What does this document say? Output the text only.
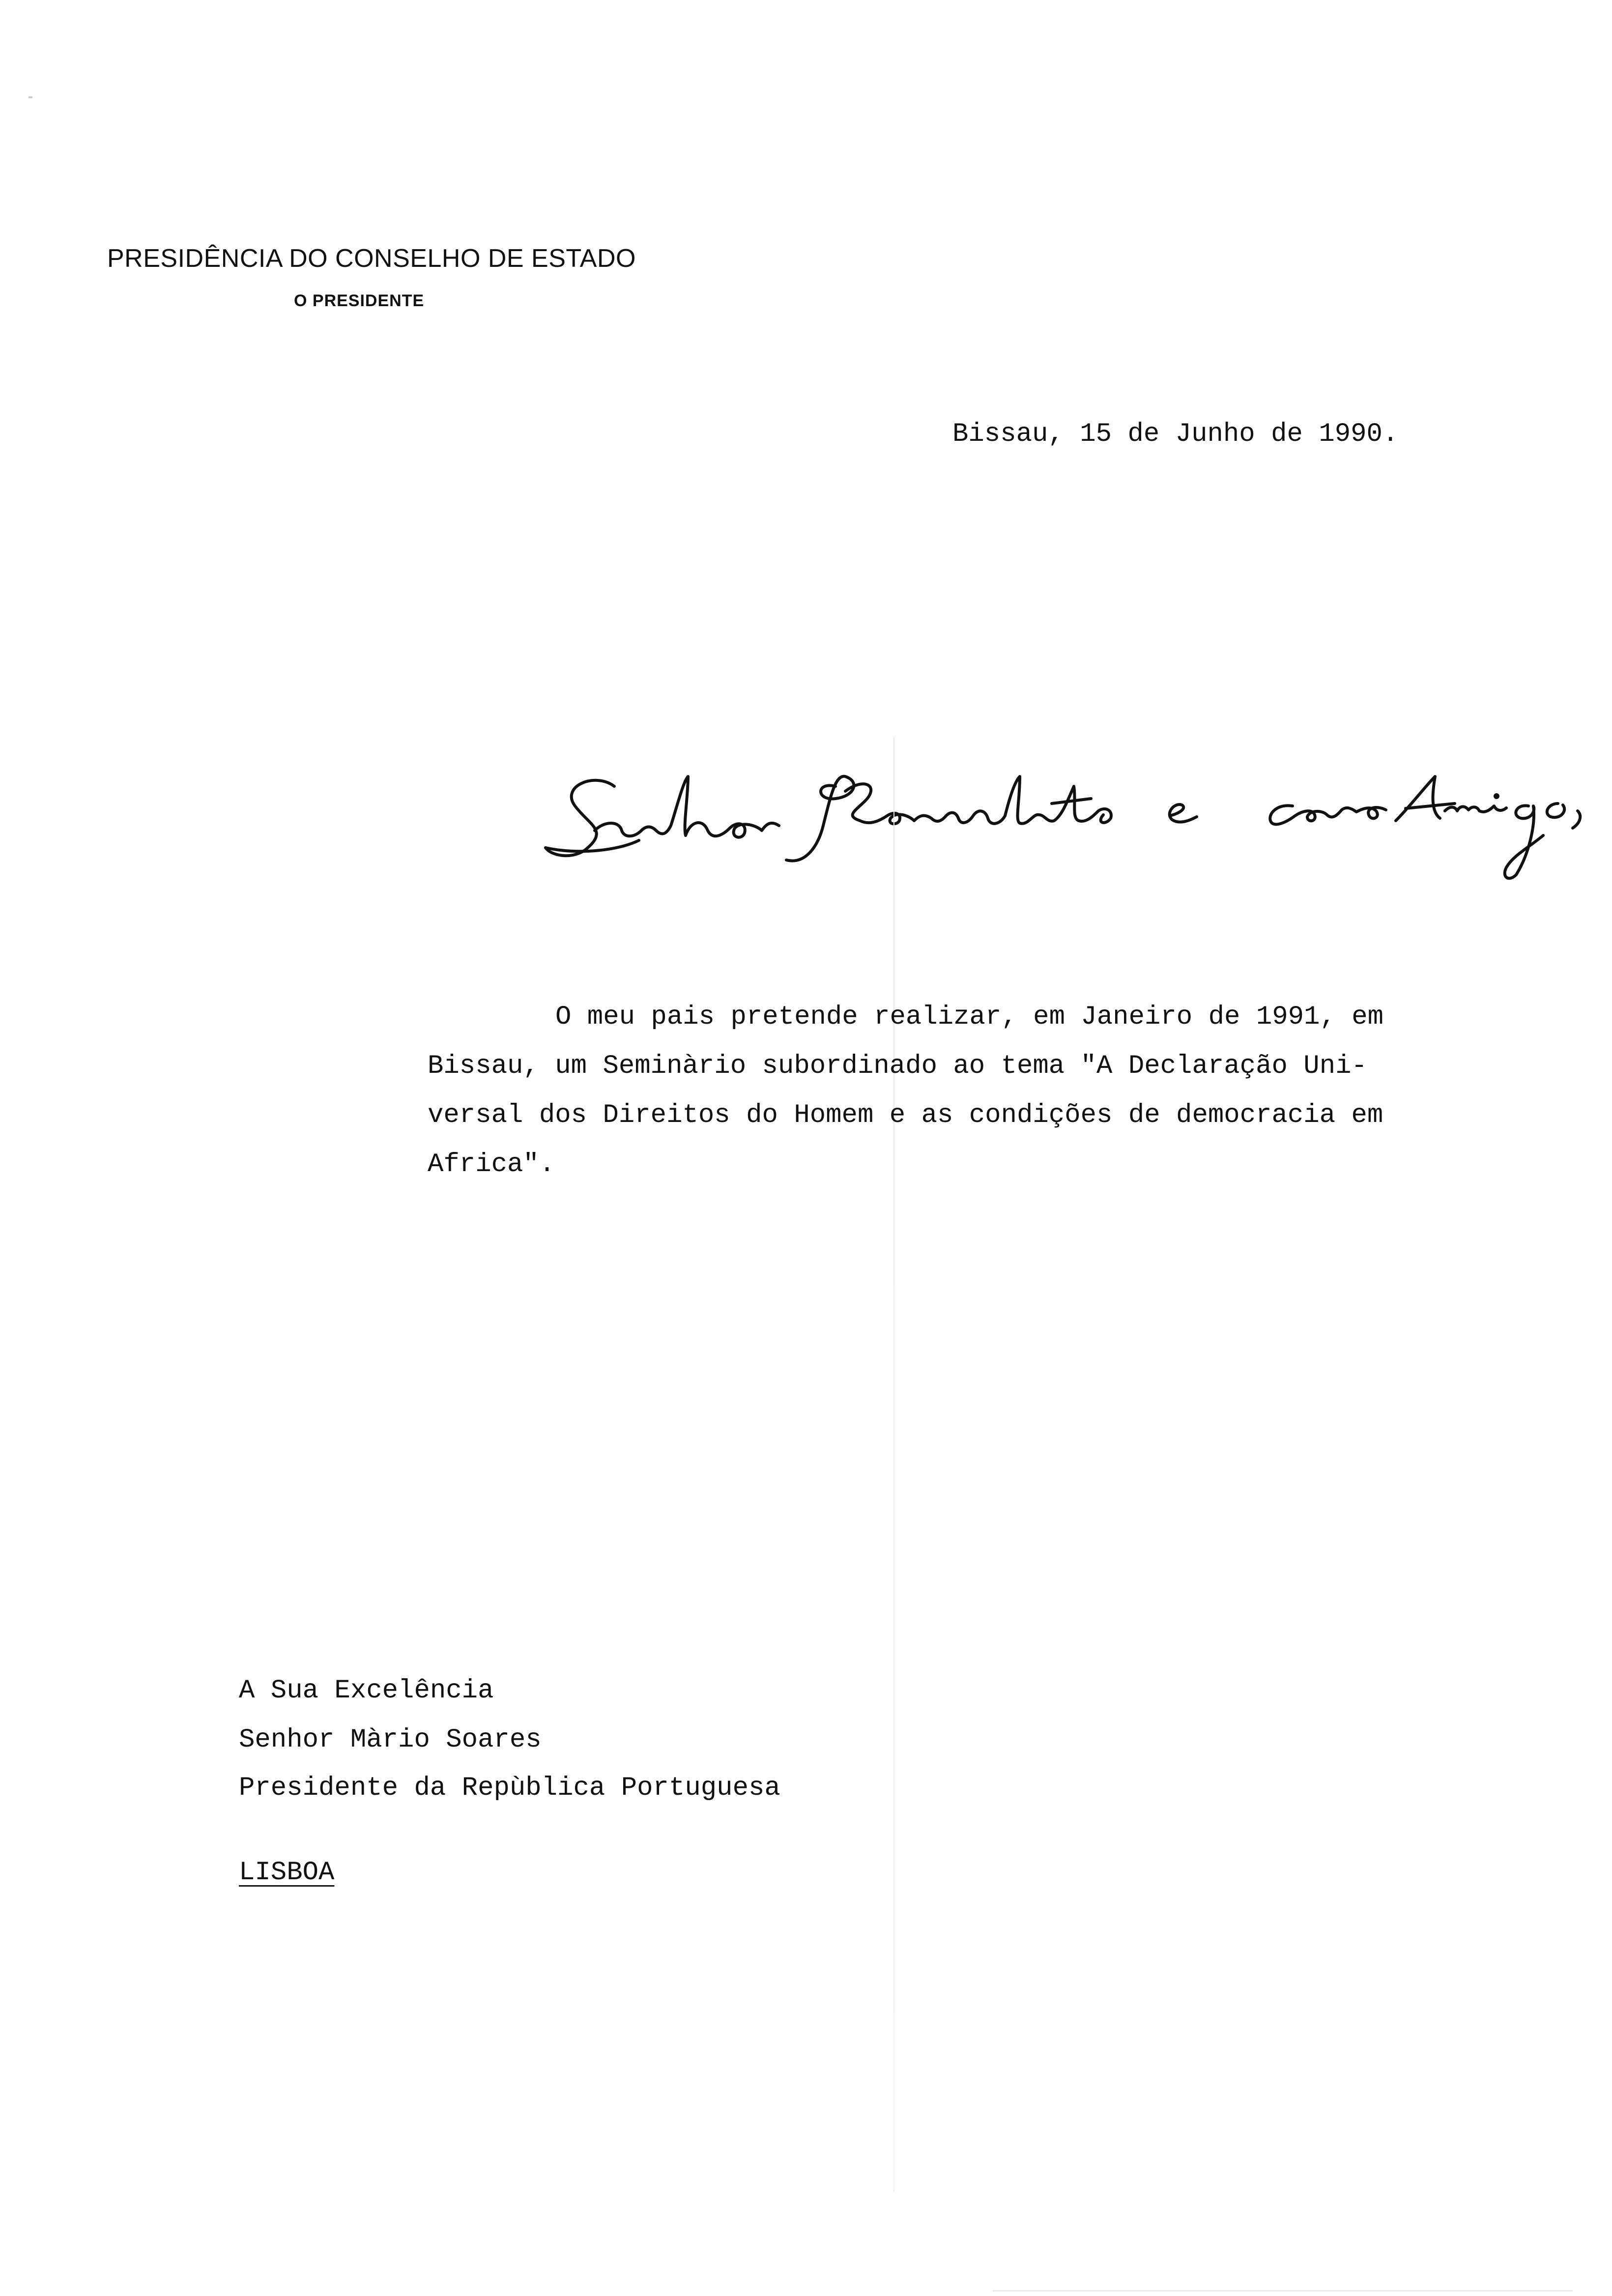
PRESIDÊNCIA DO CONSELHO DE ESTADO
O PRESIDENTE
Bissau, 15 de Junho de 1990.
O meu pais pretende realizar, em Janeiro de 1991, em
Bissau, um Seminàrio subordinado ao tema "A Declaração Uni-
versal dos Direitos do Homem e as condições de democracia em
Africa".
A Sua Excelência
Senhor Màrio Soares
Presidente da Repùblica Portuguesa
LISBOA
